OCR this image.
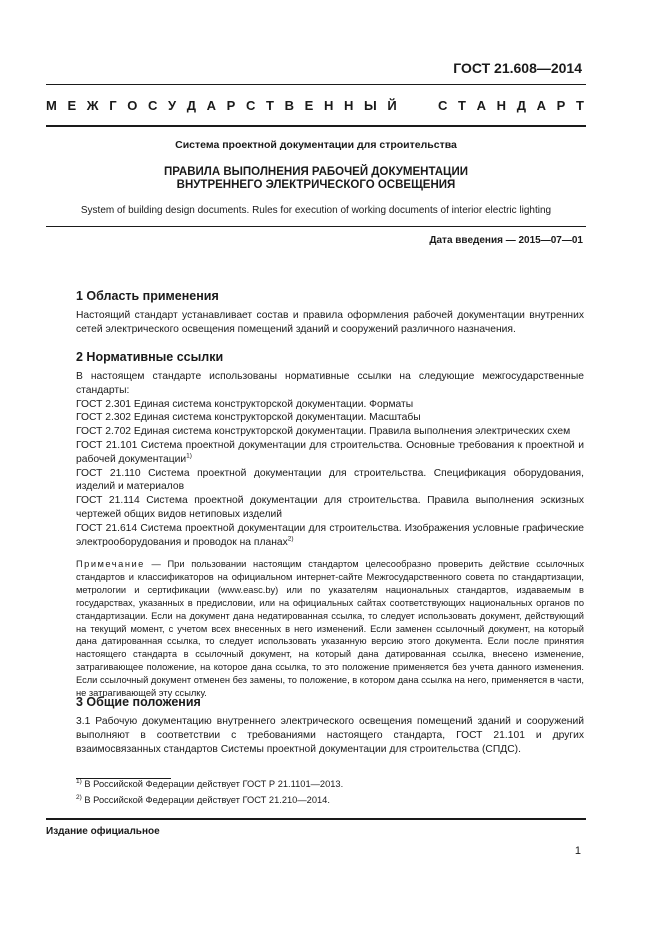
ГОСТ 21.608—2014
М Е Ж Г О С У Д А Р С Т В Е Н Н Ы Й	С Т А Н Д А Р Т
Система проектной документации для строительства
ПРАВИЛА ВЫПОЛНЕНИЯ РАБОЧЕЙ ДОКУМЕНТАЦИИ
ВНУТРЕННЕГО ЭЛЕКТРИЧЕСКОГО ОСВЕЩЕНИЯ
System of building design documents. Rules for execution of working documents of interior electric lighting
Дата введения — 2015—07—01
1 Область применения

Настоящий стандарт устанавливает состав и правила оформления рабочей документации внутренних сетей электрического освещения помещений зданий и сооружений различного назначения.

2 Нормативные ссылки

В настоящем стандарте использованы нормативные ссылки на следующие межгосударственные стандарты:

ГОСТ 2.301 Единая система конструкторской документации. Форматы

ГОСТ 2.302 Единая система конструкторской документации. Масштабы

ГОСТ 2.702 Единая система конструкторской документации. Правила выполнения электрических схем

ГОСТ 21.101 Система проектной документации для строительства. Основные требования к проектной и рабочей документации$^{1)}$

ГОСТ 21.110 Система проектной документации для строительства. Спецификация оборудования, изделий и материалов

ГОСТ 21.114 Система проектной документации для строительства. Правила выполнения эскизных чертежей общих видов нетиповых изделий

ГОСТ 21.614 Система проектной документации для строительства. Изображения условные графические электрооборудования и проводок на планах$^{2)}$

Примечание — При пользовании настоящим стандартом целесообразно проверить действие ссылочных стандартов и классификаторов на официальном интернет-сайте Межгосударственного совета по стандартизации, метрологии и сертификации (www.easc.by) или по указателям национальных стандартов, издаваемым в государствах, указанных в предисловии, или на официальных сайтах соответствующих национальных органов по стандартизации. Если на документ дана недатированная ссылка, то следует использовать документ, действующий на текущий момент, с учетом всех внесенных в него изменений. Если заменен ссылочный документ, на который дана датированная ссылка, то следует использовать указанную версию этого документа. Если после принятия настоящего стандарта в ссылочный документ, на который дана датированная ссылка, внесено изменение, затрагивающее положение, на которое дана ссылка, то это положение применяется без учета данного изменения. Если ссылочный документ отменен без замены, то положение, в котором дана ссылка на него, применяется в части, не затрагивающей эту ссылку.
3 Общие положения

3.1 Рабочую документацию внутреннего электрического освещения помещений зданий и сооружений выполняют в соответствии с требованиями настоящего стандарта, ГОСТ 21.101 и других взаимосвязанных стандартов Системы проектной документации для строительства (СПДС).

$^{1)}$ В Российской Федерации действует ГОСТ Р 21.1101—2013.
$^{2)}$ В Российской Федерации действует ГОСТ 21.210—2014.
Издание официальное
1
